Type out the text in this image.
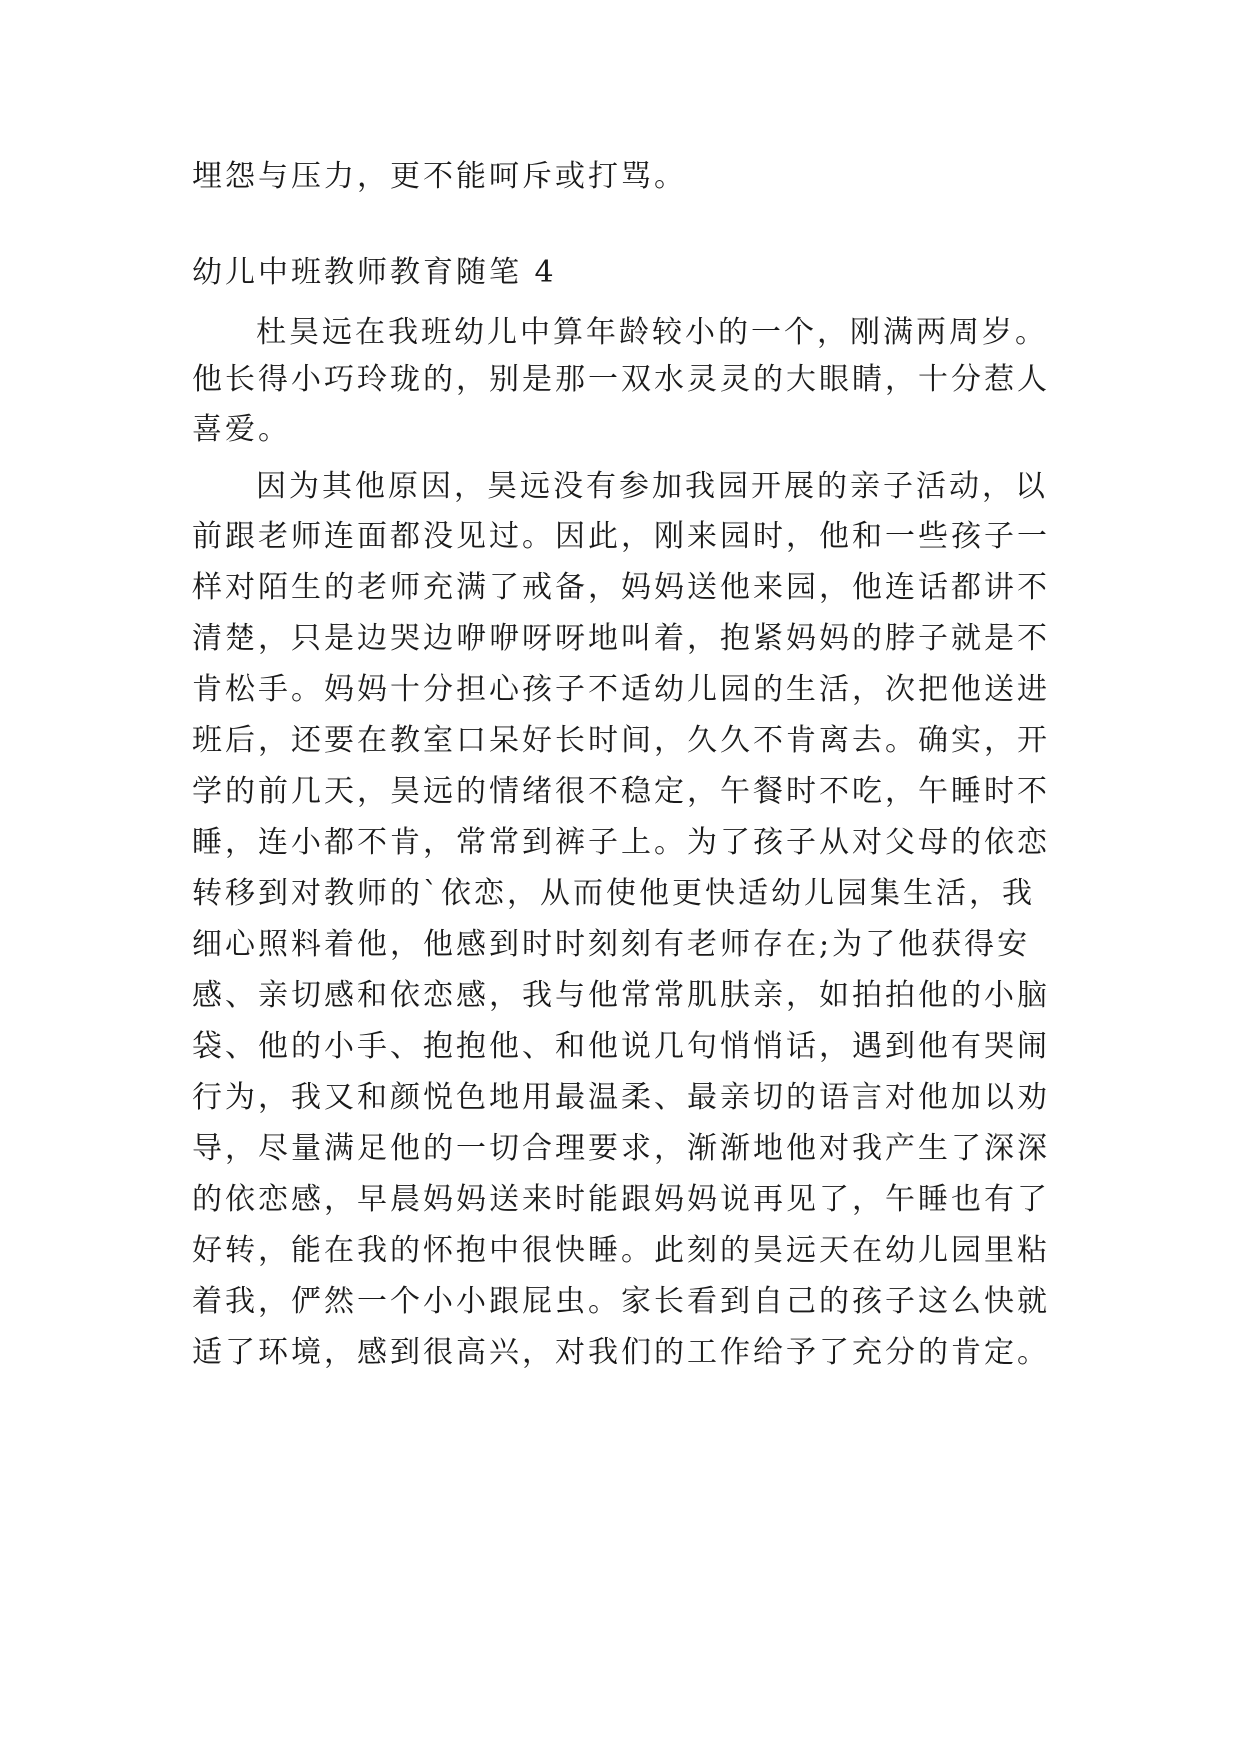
埋怨与压力，更不能呵斥或打骂。
幼儿中班教师教育随笔 4
杜昊远在我班幼儿中算年龄较小的一个，刚满两周岁。
他长得小巧玲珑的，别是那一双水灵灵的大眼睛，十分惹人
喜爱。
因为其他原因，昊远没有参加我园开展的亲子活动，以
前跟老师连面都没见过。因此，刚来园时，他和一些孩子一
样对陌生的老师充满了戒备，妈妈送他来园，他连话都讲不
清楚，只是边哭边咿咿呀呀地叫着，抱紧妈妈的脖子就是不
肯松手。妈妈十分担心孩子不适幼儿园的生活，次把他送进
班后，还要在教室口呆好长时间，久久不肯离去。确实，开
学的前几天，昊远的情绪很不稳定，午餐时不吃，午睡时不
睡，连小都不肯，常常到裤子上。为了孩子从对父母的依恋
转移到对教师的`依恋，从而使他更快适幼儿园集生活，我
细心照料着他，他感到时时刻刻有老师存在;为了他获得安
感、亲切感和依恋感，我与他常常肌肤亲，如拍拍他的小脑
袋、他的小手、抱抱他、和他说几句悄悄话，遇到他有哭闹
行为，我又和颜悦色地用最温柔、最亲切的语言对他加以劝
导，尽量满足他的一切合理要求，渐渐地他对我产生了深深
的依恋感，早晨妈妈送来时能跟妈妈说再见了，午睡也有了
好转，能在我的怀抱中很快睡。此刻的昊远天在幼儿园里粘
着我，俨然一个小小跟屁虫。家长看到自己的孩子这么快就
适了环境，感到很高兴，对我们的工作给予了充分的肯定。
